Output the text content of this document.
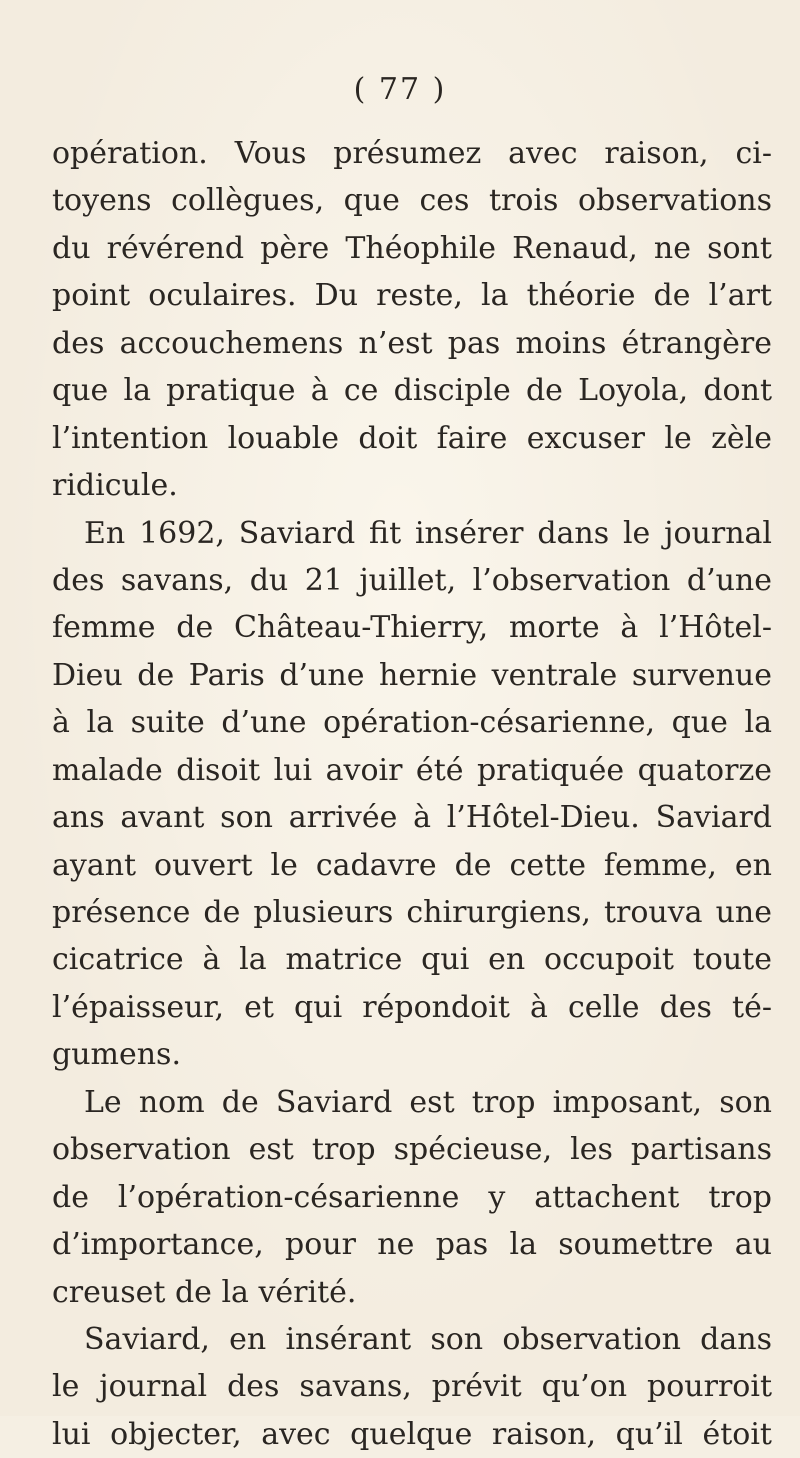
( 77 )
opération. Vous présumez avec raison, ci-
toyens collègues, que ces trois observations
du révérend père Théophile Renaud, ne sont
point oculaires. Du reste, la théorie de l’art
des accouchemens n’est pas moins étrangère
que la pratique à ce disciple de Loyola, dont
l’intention louable doit faire excuser le zèle
ridicule.
En 1692, Saviard fit insérer dans le journal
des savans, du 21 juillet, l’observation d’une
femme de Château-Thierry, morte à l’Hôtel-
Dieu de Paris d’une hernie ventrale survenue
à la suite d’une opération-césarienne, que la
malade disoit lui avoir été pratiquée quatorze
ans avant son arrivée à l’Hôtel-Dieu. Saviard
ayant ouvert le cadavre de cette femme, en
présence de plusieurs chirurgiens, trouva une
cicatrice à la matrice qui en occupoit toute
l’épaisseur, et qui répondoit à celle des té-
gumens.
Le nom de Saviard est trop imposant, son
observation est trop spécieuse, les partisans
de l’opération-césarienne y attachent trop
d’importance, pour ne pas la soumettre au
creuset de la vérité.
Saviard, en insérant son observation dans
le journal des savans, prévit qu’on pourroit
lui objecter, avec quelque raison, qu’il étoit
